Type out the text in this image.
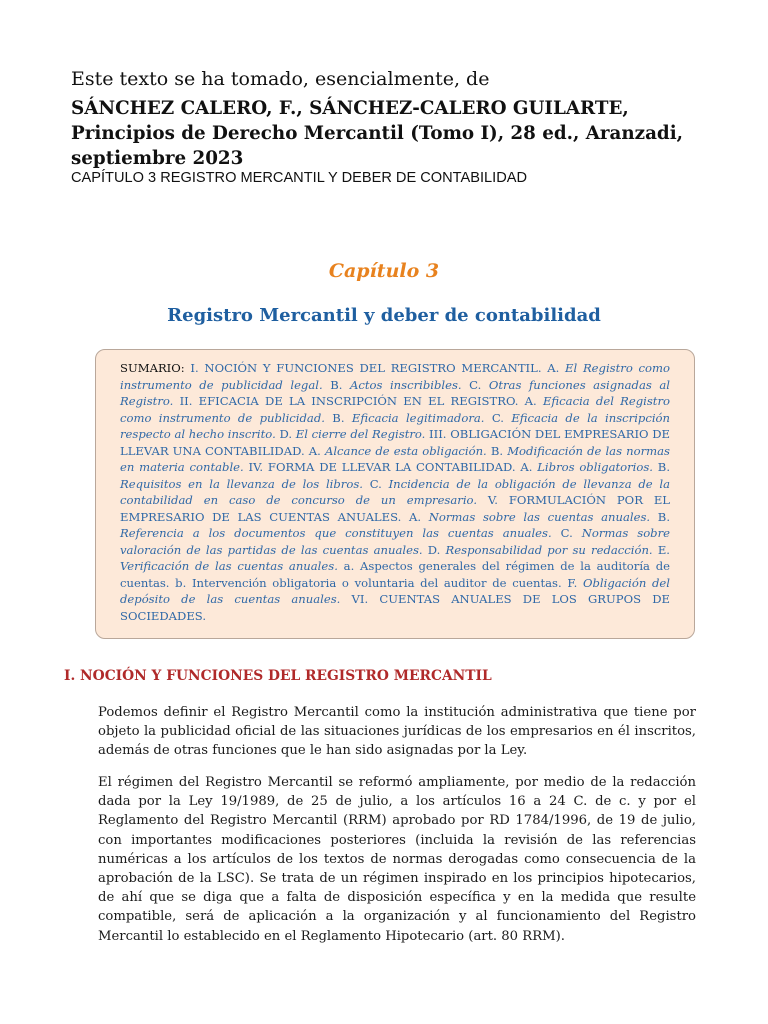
Este texto se ha tomado, esencialmente, de
SÁNCHEZ CALERO, F., SÁNCHEZ-CALERO GUILARTE,
Principios de Derecho Mercantil (Tomo I), 28 ed., Aranzadi,
septiembre 2023
CAPÍTULO 3 REGISTRO MERCANTIL Y DEBER DE CONTABILIDAD
Capítulo 3
Registro Mercantil y deber de contabilidad
SUMARIO: I. NOCIÓN Y FUNCIONES DEL REGISTRO MERCANTIL. A. El Registro como instrumento de publicidad legal. B. Actos inscribibles. C. Otras funciones asignadas al Registro. II. EFICACIA DE LA INSCRIPCIÓN EN EL REGISTRO. A. Eficacia del Registro como instrumento de publicidad. B. Eficacia legitimadora. C. Eficacia de la inscripción respecto al hecho inscrito. D. El cierre del Registro. III. OBLIGACIÓN DEL EMPRESARIO DE LLEVAR UNA CONTABILIDAD. A. Alcance de esta obligación. B. Modificación de las normas en materia contable. IV. FORMA DE LLEVAR LA CONTABILIDAD. A. Libros obligatorios. B. Requisitos en la llevanza de los libros. C. Incidencia de la obligación de llevanza de la contabilidad en caso de concurso de un empresario. V. FORMULACIÓN POR EL EMPRESARIO DE LAS CUENTAS ANUALES. A. Normas sobre las cuentas anuales. B. Referencia a los documentos que constituyen las cuentas anuales. C. Normas sobre valoración de las partidas de las cuentas anuales. D. Responsabilidad por su redacción. E. Verificación de las cuentas anuales. a. Aspectos generales del régimen de la auditoría de cuentas. b. Intervención obligatoria o voluntaria del auditor de cuentas. F. Obligación del depósito de las cuentas anuales. VI. CUENTAS ANUALES DE LOS GRUPOS DE SOCIEDADES.
I. NOCIÓN Y FUNCIONES DEL REGISTRO MERCANTIL

Podemos definir el Registro Mercantil como la institución administrativa que tiene por objeto la publicidad oficial de las situaciones jurídicas de los empresarios en él inscritos, además de otras funciones que le han sido asignadas por la Ley.

El régimen del Registro Mercantil se reformó ampliamente, por medio de la redacción dada por la Ley 19/1989, de 25 de julio, a los artículos 16 a 24 C. de c. y por el Reglamento del Registro Mercantil (RRM) aprobado por RD 1784/1996, de 19 de julio, con importantes modificaciones posteriores (incluida la revisión de las referencias numéricas a los artículos de los textos de normas derogadas como consecuencia de la aprobación de la LSC). Se trata de un régimen inspirado en los principios hipotecarios, de ahí que se diga que a falta de disposición específica y en la medida que resulte compatible, será de aplicación a la organización y al funcionamiento del Registro Mercantil lo establecido en el Reglamento Hipotecario (art. 80 RRM).
